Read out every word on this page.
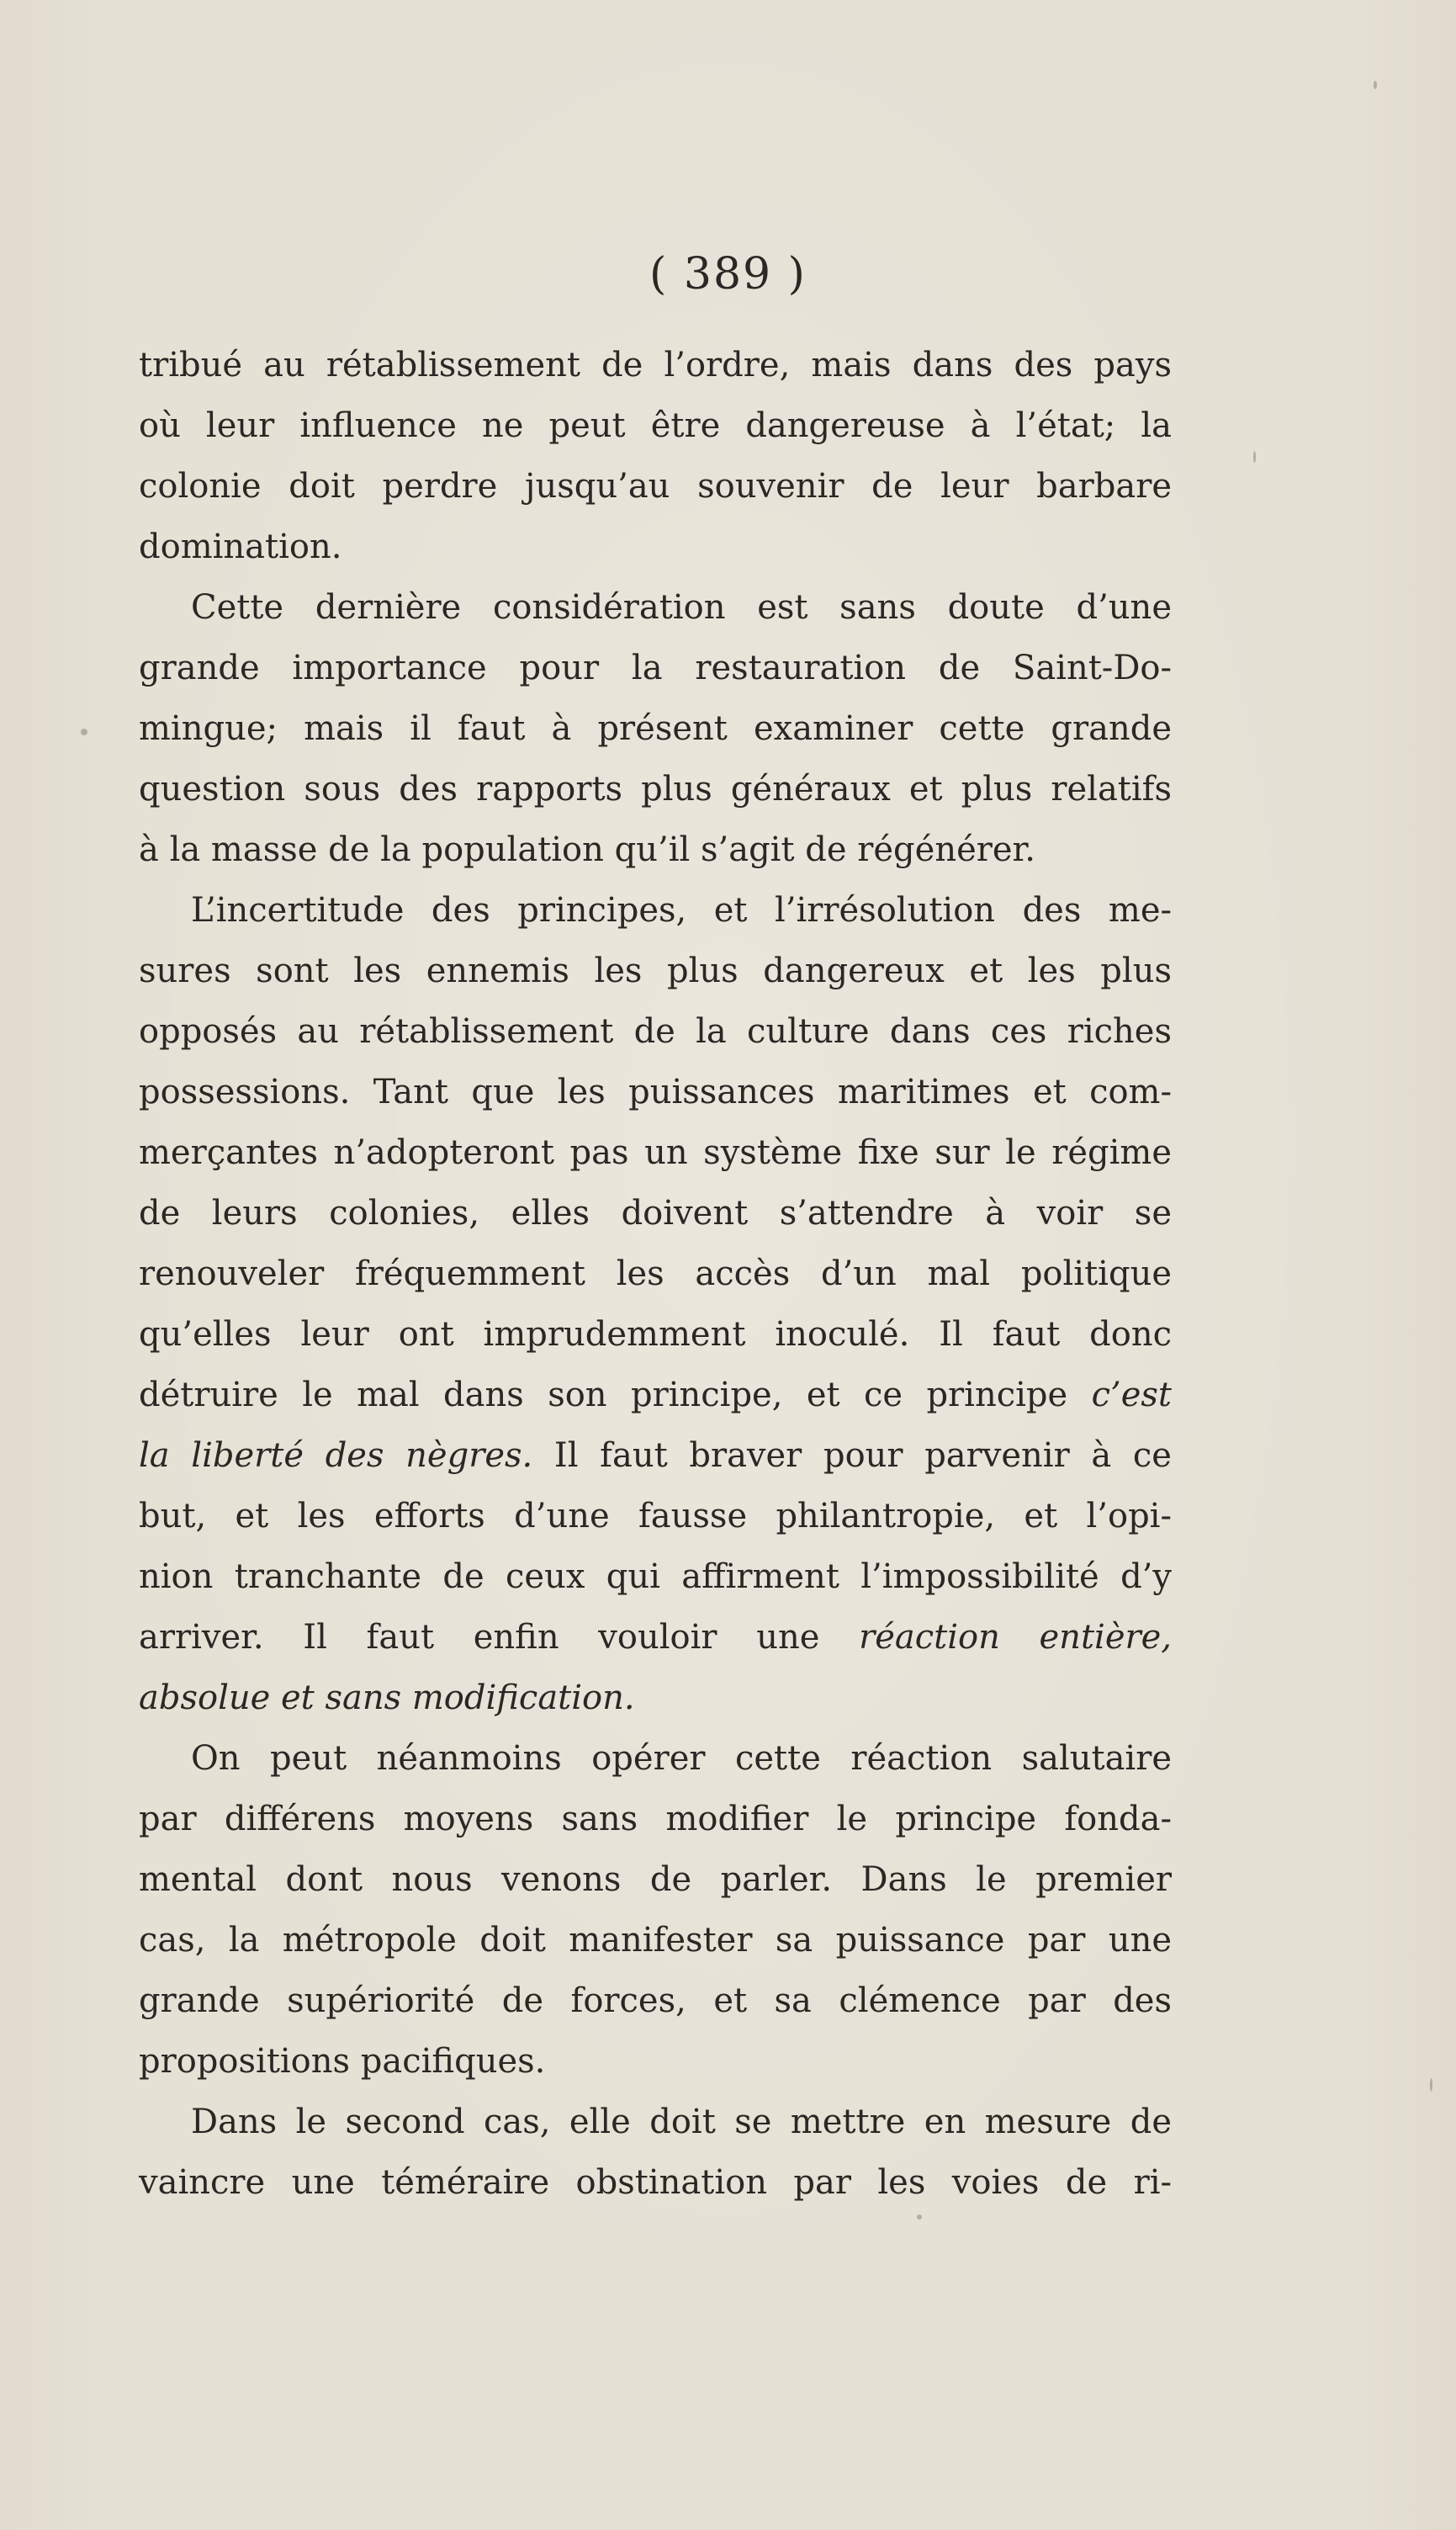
( 389 )
tribué au rétablissement de l’ordre, mais dans des pays
où leur influence ne peut être dangereuse à l’état; la
colonie doit perdre jusqu’au souvenir de leur barbare
domination.
Cette dernière considération est sans doute d’une
grande importance pour la restauration de Saint-Do-
mingue; mais il faut à présent examiner cette grande
question sous des rapports plus généraux et plus relatifs
à la masse de la population qu’il s’agit de régénérer.
L’incertitude des principes, et l’irrésolution des me-
sures sont les ennemis les plus dangereux et les plus
opposés au rétablissement de la culture dans ces riches
possessions. Tant que les puissances maritimes et com-
merçantes n’adopteront pas un système fixe sur le régime
de leurs colonies, elles doivent s’attendre à voir se
renouveler fréquemment les accès d’un mal politique
qu’elles leur ont imprudemment inoculé. Il faut donc
détruire le mal dans son principe, et ce principe c’est
la liberté des nègres. Il faut braver pour parvenir à ce
but, et les efforts d’une fausse philantropie, et l’opi-
nion tranchante de ceux qui affirment l’impossibilité d’y
arriver. Il faut enfin vouloir une réaction entière,
absolue et sans modification.
On peut néanmoins opérer cette réaction salutaire
par différens moyens sans modifier le principe fonda-
mental dont nous venons de parler. Dans le premier
cas, la métropole doit manifester sa puissance par une
grande supériorité de forces, et sa clémence par des
propositions pacifiques.
Dans le second cas, elle doit se mettre en mesure de
vaincre une téméraire obstination par les voies de ri-
